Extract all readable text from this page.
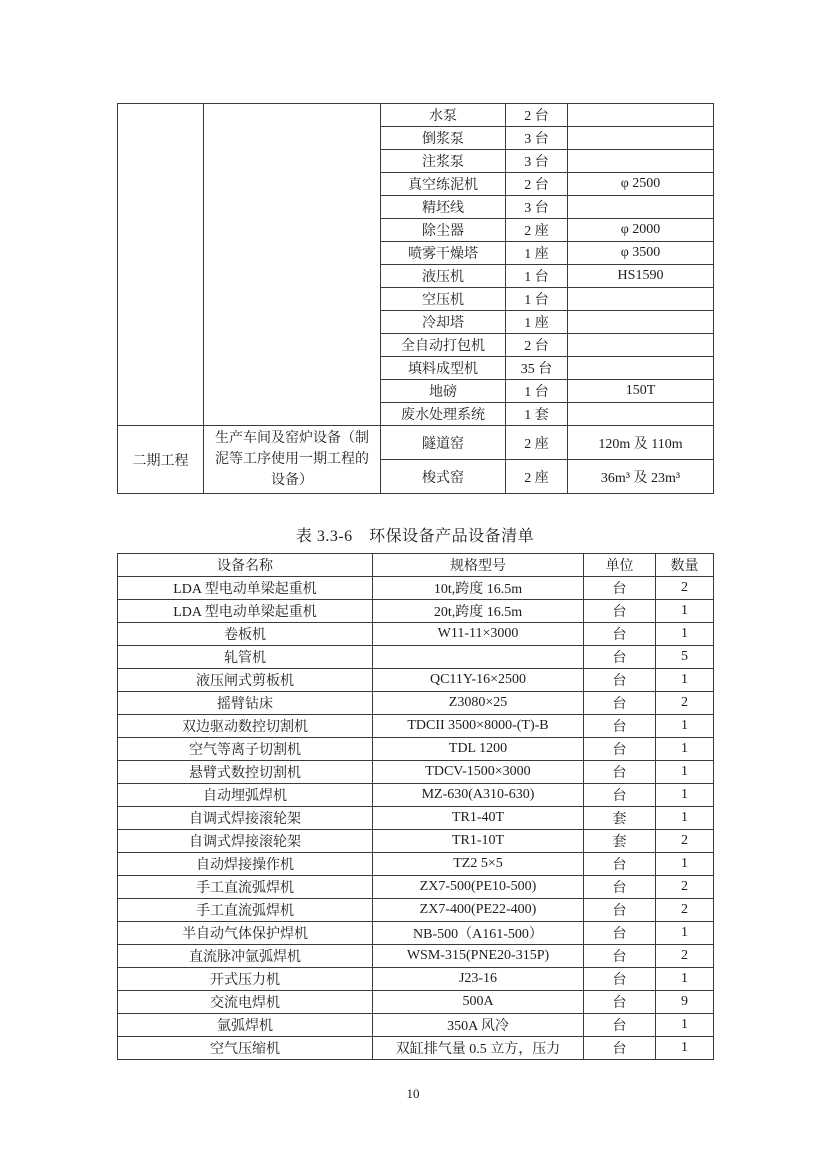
		水泵	2 台	
		倒浆泵	3 台	
		注浆泵	3 台	
		真空练泥机	2 台	φ 2500
		精坯线	3 台	
		除尘器	2 座	φ 2000
		喷雾干燥塔	1 座	φ 3500
		液压机	1 台	HS1590
		空压机	1 台	
		冷却塔	1 座	
		全自动打包机	2 台	
		填料成型机	35 台	
		地磅	1 台	150T
		废水处理系统	1 套	
二期工程	生产车间及窑炉设备（制泥等工序使用一期工程的设备）	隧道窑	2 座	120m 及 110m
		梭式窑	2 座	36m³ 及 23m³
表 3.3-6　环保设备产品设备清单
设备名称	规格型号	单位	数量
LDA 型电动单梁起重机	10t,跨度 16.5m	台	2
LDA 型电动单梁起重机	20t,跨度 16.5m	台	1
卷板机	W11-11×3000	台	1
轧管机		台	5
液压闸式剪板机	QC11Y-16×2500	台	1
摇臂钻床	Z3080×25	台	2
双边驱动数控切割机	TDCII 3500×8000-(T)-B	台	1
空气等离子切割机	TDL 1200	台	1
悬臂式数控切割机	TDCV-1500×3000	台	1
自动埋弧焊机	MZ-630(A310-630)	台	1
自调式焊接滚轮架	TR1-40T	套	1
自调式焊接滚轮架	TR1-10T	套	2
自动焊接操作机	TZ2 5×5	台	1
手工直流弧焊机	ZX7-500(PE10-500)	台	2
手工直流弧焊机	ZX7-400(PE22-400)	台	2
半自动气体保护焊机	NB-500（A161-500）	台	1
直流脉冲氩弧焊机	WSM-315(PNE20-315P)	台	2
开式压力机	J23-16	台	1
交流电焊机	500A	台	9
氩弧焊机	350A 风冷	台	1
空气压缩机	双缸排气量 0.5 立方，压力	台	1
10
